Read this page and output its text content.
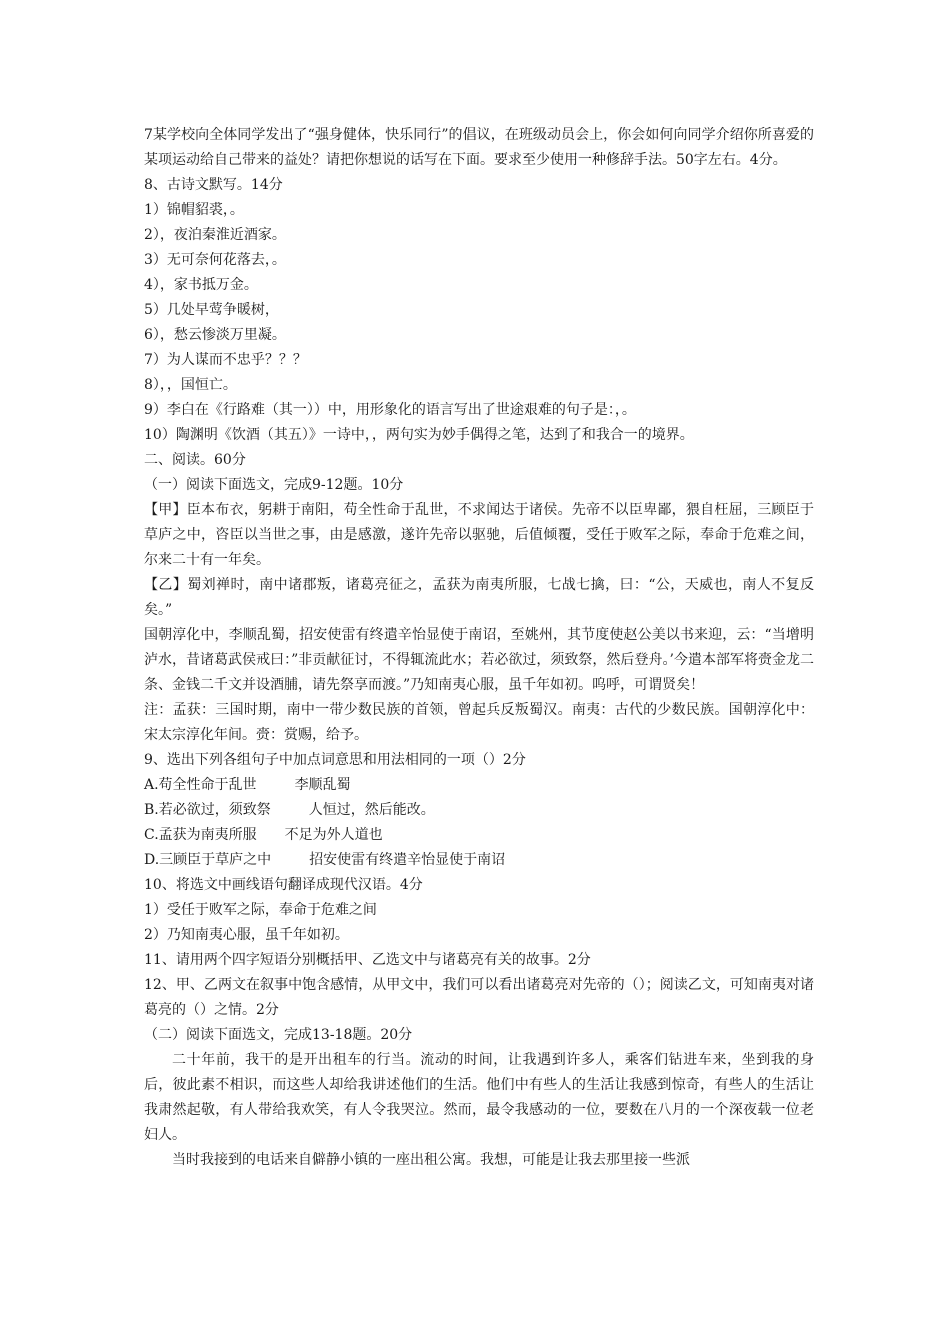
7某学校向全体同学发出了“强身健体，快乐同行”的倡议，在班级动员会上，你会如何向同学介绍你所喜爱的某项运动给自己带来的益处？请把你想说的话写在下面。要求至少使用一种修辞手法。50字左右。4分。
8、古诗文默写。14分
1）锦帽貂裘，。
2），夜泊秦淮近酒家。
3）无可奈何花落去，。
4），家书抵万金。
5）几处早莺争暖树，
6），愁云惨淡万里凝。
7）为人谋而不忠乎？？？
8），，国恒亡。
9）李白在《行路难（其一））中，用形象化的语言写出了世途艰难的句子是：，。
10）陶渊明《饮酒（其五）》一诗中，，两句实为妙手偶得之笔，达到了和我合一的境界。
二、阅读。60分
（一）阅读下面选文，完成9-12题。10分
【甲】臣本布衣，躬耕于南阳，苟全性命于乱世，不求闻达于诸侯。先帝不以臣卑鄙，猥自枉屈，三顾臣于草庐之中，咨臣以当世之事，由是感激，遂许先帝以驱驰，后值倾覆，受任于败军之际，奉命于危难之间，尔来二十有一年矣。
【乙】蜀刘禅时，南中诸郡叛，诸葛亮征之，孟获为南夷所服，七战七擒，曰：“公，天威也，南人不复反矣。”
国朝淳化中，李顺乱蜀，招安使雷有终遣辛怡显使于南诏，至姚州，其节度使赵公美以书来迎，云：“当增明泸水，昔诸葛武侯戒曰：”非贡献征讨，不得辄流此水；若必欲过，须致祭，然后登舟。’今遣本部军将赍金龙二条、金钱二千文并设酒脯，请先祭享而渡。”乃知南夷心服，虽千年如初。呜呼，可谓贤矣！
注：孟获：三国时期，南中一带少数民族的首领，曾起兵反叛蜀汉。南夷：古代的少数民族。国朝淳化中：宋太宗淳化年间。赍：赏赐，给予。
9、选出下列各组句子中加点词意思和用法相同的一项（）2分
A.苟全性命于乱世	李顺乱蜀
B.若必欲过，须致祭	人恒过，然后能改。
C.孟获为南夷所服 不足为外人道也
D.三顾臣于草庐之中	招安使雷有终遣辛怡显使于南诏
10、将选文中画线语句翻译成现代汉语。4分
1）受任于败军之际，奉命于危难之间
2）乃知南夷心服，虽千年如初。
11、请用两个四字短语分别概括甲、乙选文中与诸葛亮有关的故事。2分
12、甲、乙两文在叙事中饱含感情，从甲文中，我们可以看出诸葛亮对先帝的（）；阅读乙文，可知南夷对诸葛亮的（）之情。2分
（二）阅读下面选文，完成13-18题。20分
二十年前，我干的是开出租车的行当。流动的时间，让我遇到许多人，乘客们钻进车来，坐到我的身后，彼此素不相识，而这些人却给我讲述他们的生活。他们中有些人的生活让我感到惊奇，有些人的生活让我肃然起敬，有人带给我欢笑，有人令我哭泣。然而，最令我感动的一位，要数在八月的一个深夜载一位老妇人。
当时我接到的电话来自僻静小镇的一座出租公寓。我想，可能是让我去那里接一些派
